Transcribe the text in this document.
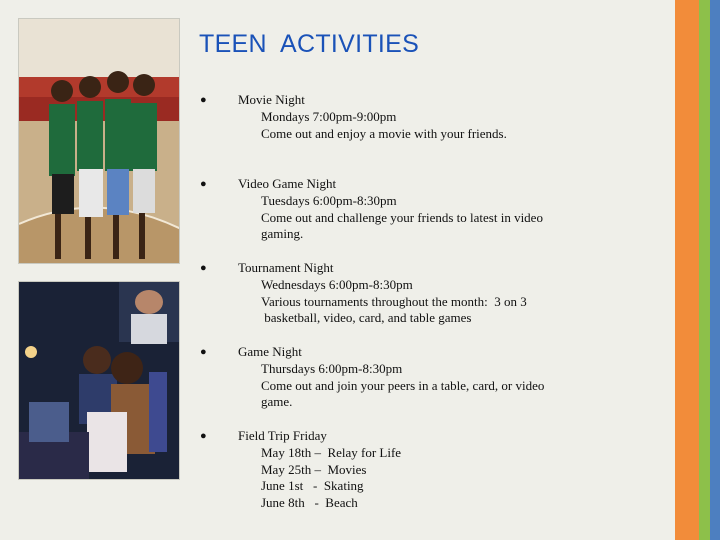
TEEN  ACTIVITIES
● Movie Night
Mondays 7:00pm-9:00pm
Come out and enjoy a movie with your friends.
● Video Game Night
Tuesdays 6:00pm-8:30pm
Come out and challenge your friends to latest in video
gaming.
● Tournament Night
Wednesdays 6:00pm-8:30pm
Various tournaments throughout the month:  3 on 3
basketball, video, card, and table games
● Game Night
Thursdays 6:00pm-8:30pm
Come out and join your peers in a table, card, or video
game.
● Field Trip Friday
May 18th –  Relay for Life
May 25th –  Movies
June 1st   -  Skating
June 8th   -  Beach
